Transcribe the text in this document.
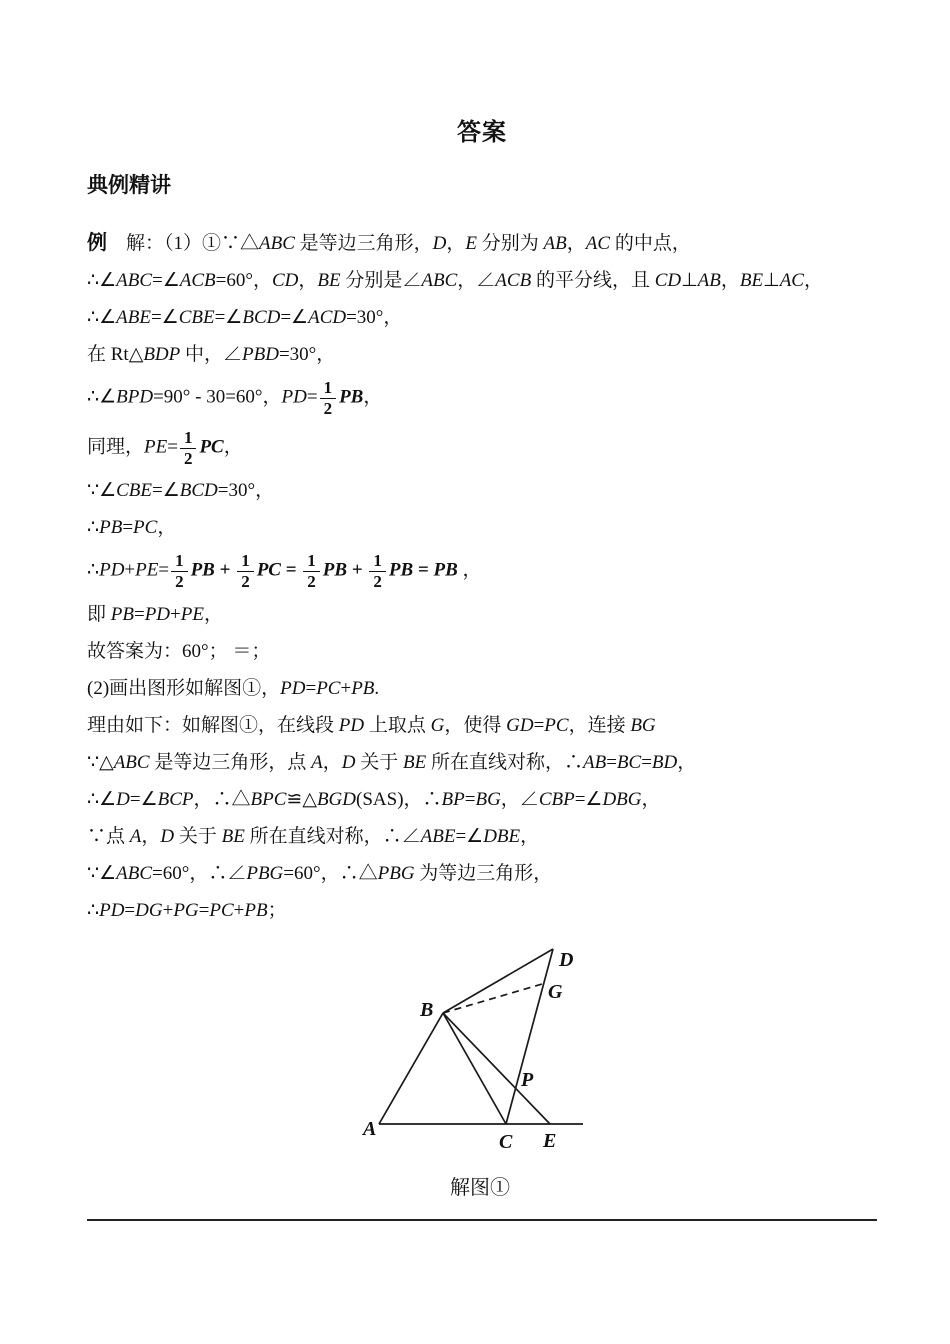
答案
典例精讲
例　解：（1）①∵△ABC 是等边三角形，D，E 分别为 AB，AC 的中点，
∴∠ABC=∠ACB=60°，CD，BE 分别是∠ABC，∠ACB 的平分线，且 CD⊥AB，BE⊥AC，
∴∠ABE=∠CBE=∠BCD=∠ACD=30°，
在 Rt△BDP 中，∠PBD=30°，
∴∠BPD=90° - 30=60°，$PD= \frac{1}{2}$ PB，
同理，$PE= \frac{1}{2}$ PC，
∵∠CBE=∠BCD=30°，
∴PB=PC，
∴PD+PE= $\frac{1}{2}$ PB + $\frac{1}{2}$ PC = $\frac{1}{2}$ PB + $\frac{1}{2}$ PB = PB ，
即 PB=PD+PE，
故答案为：60°； ＝；
(2)画出图形如解图①，PD=PC+PB.
理由如下：如解图①，在线段 PD 上取点 G，使得 GD=PC，连接 BG
∵△ABC 是等边三角形，点 A，D 关于 BE 所在直线对称，∴AB=BC=BD，
∴∠D=∠BCP，∴△BPC≌△BGD(SAS)，∴BP=BG，∠CBP=∠DBG，
∵点 A，D 关于 BE 所在直线对称，∴∠ABE=∠DBE，
∵∠ABC=60°，∴∠PBG=60°，∴△PBG 为等边三角形，
∴PD=DG+PG=PC+PB；
A
B
C
D
E
G
P
解图①
